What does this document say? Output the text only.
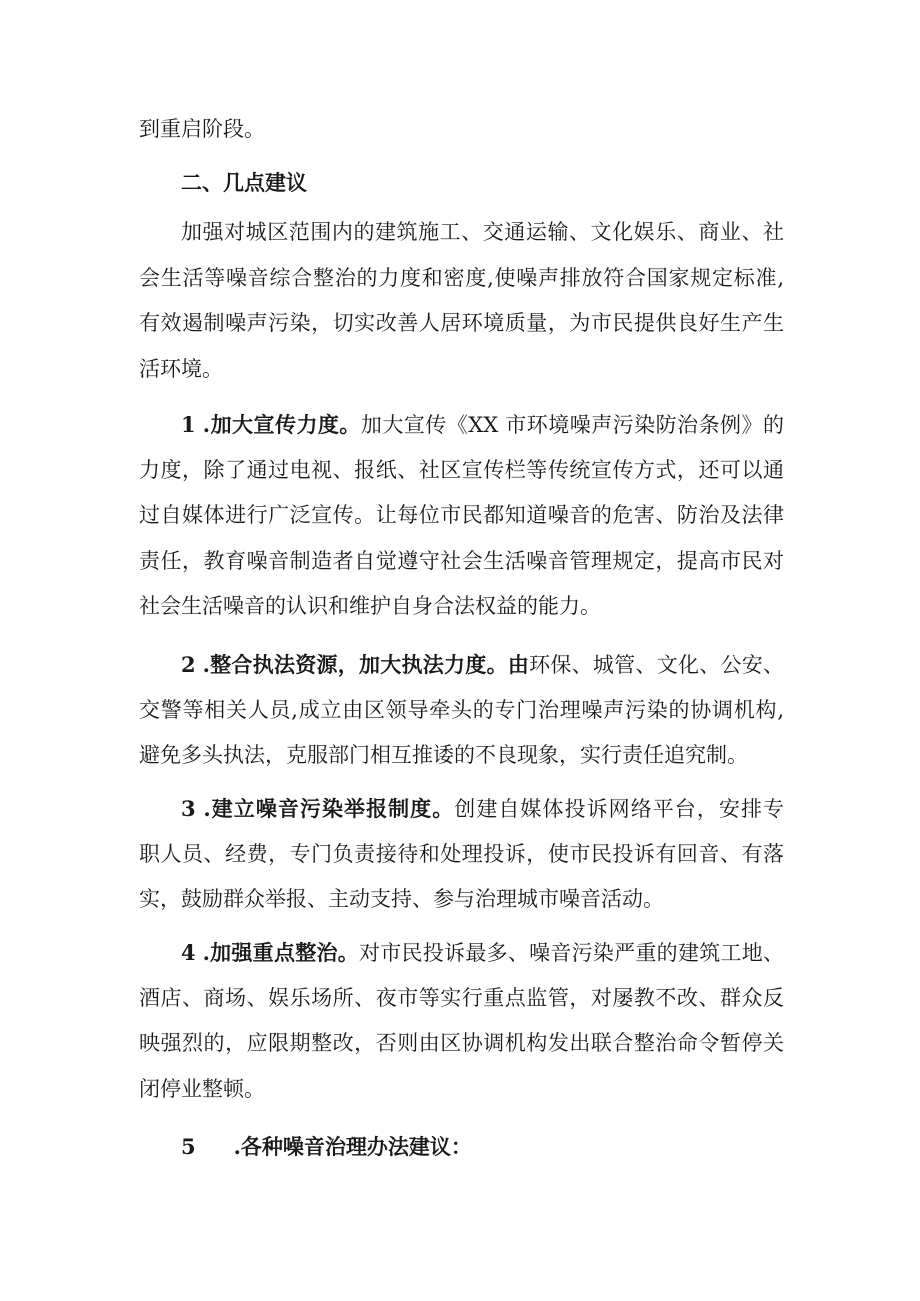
到重启阶段。

二、几点建议

加强对城区范围内的建筑施工、交通运输、文化娱乐、商业、社
会生活等噪音综合整治的力度和密度,使噪声排放符合国家规定标准,
有效遏制噪声污染，切实改善人居环境质量，为市民提供良好生产生
活环境。

1 .加大宣传力度。加大宣传《XX 市环境噪声污染防治条例》的
力度，除了通过电视、报纸、社区宣传栏等传统宣传方式，还可以通
过自媒体进行广泛宣传。让每位市民都知道噪音的危害、防治及法律
责任，教育噪音制造者自觉遵守社会生活噪音管理规定，提高市民对
社会生活噪音的认识和维护自身合法权益的能力。

2 .整合执法资源，加大执法力度。由环保、城管、文化、公安、
交警等相关人员,成立由区领导牵头的专门治理噪声污染的协调机构,
避免多头执法，克服部门相互推诿的不良现象，实行责任追究制。

3 .建立噪音污染举报制度。创建自媒体投诉网络平台，安排专
职人员、经费，专门负责接待和处理投诉，使市民投诉有回音、有落
实，鼓励群众举报、主动支持、参与治理城市噪音活动。

4 .加强重点整治。对市民投诉最多、噪音污染严重的建筑工地、
酒店、商场、娱乐场所、夜市等实行重点监管，对屡教不改、群众反
映强烈的，应限期整改，否则由区协调机构发出联合整治命令暂停关
闭停业整顿。

5 .各种噪音治理办法建议：
